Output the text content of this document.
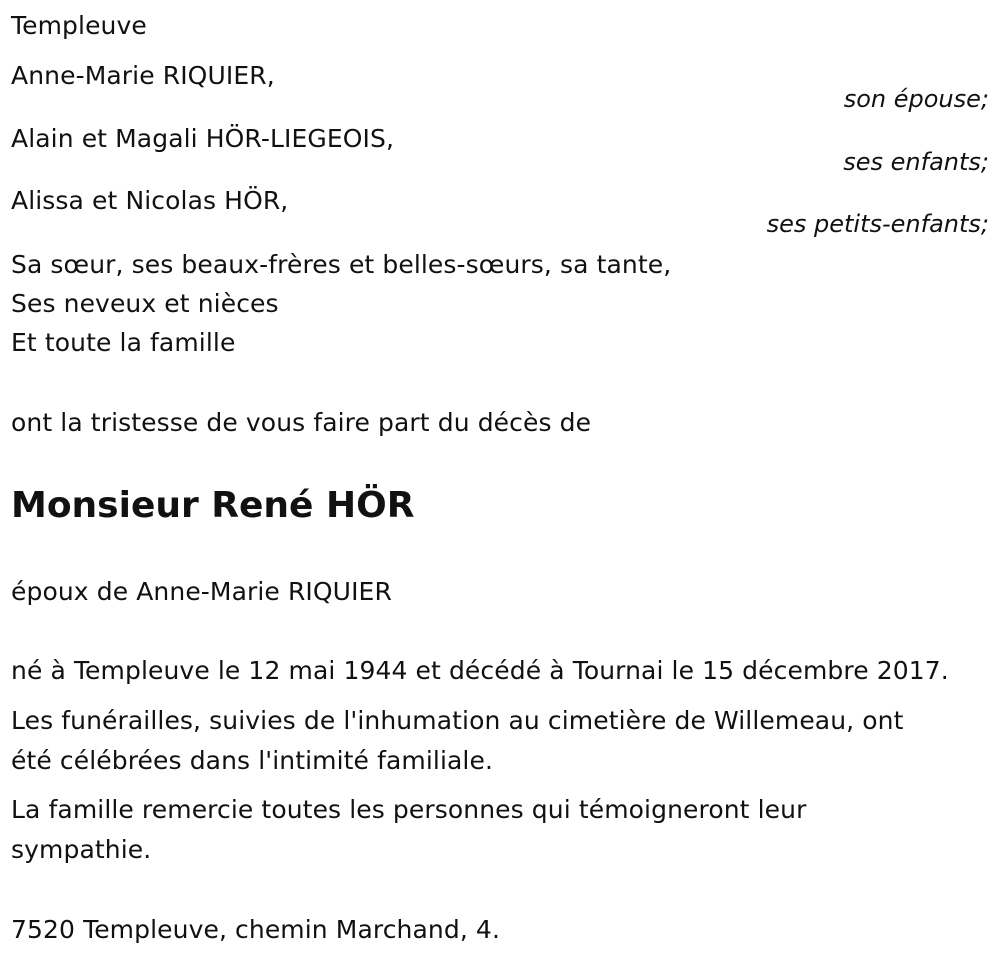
Templeuve
Anne-Marie RIQUIER,
son épouse;
Alain et Magali HÖR-LIEGEOIS,
ses enfants;
Alissa et Nicolas HÖR,
ses petits-enfants;
Sa sœur, ses beaux-frères et belles-sœurs, sa tante,
Ses neveux et nièces
Et toute la famille
ont la tristesse de vous faire part du décès de
Monsieur René HÖR
époux de Anne-Marie RIQUIER
né à Templeuve le 12 mai 1944 et décédé à Tournai le 15 décembre 2017.
Les funérailles, suivies de l'inhumation au cimetière de Willemeau, ont
été célébrées dans l'intimité familiale.
La famille remercie toutes les personnes qui témoigneront leur
sympathie.
7520 Templeuve, chemin Marchand, 4.
